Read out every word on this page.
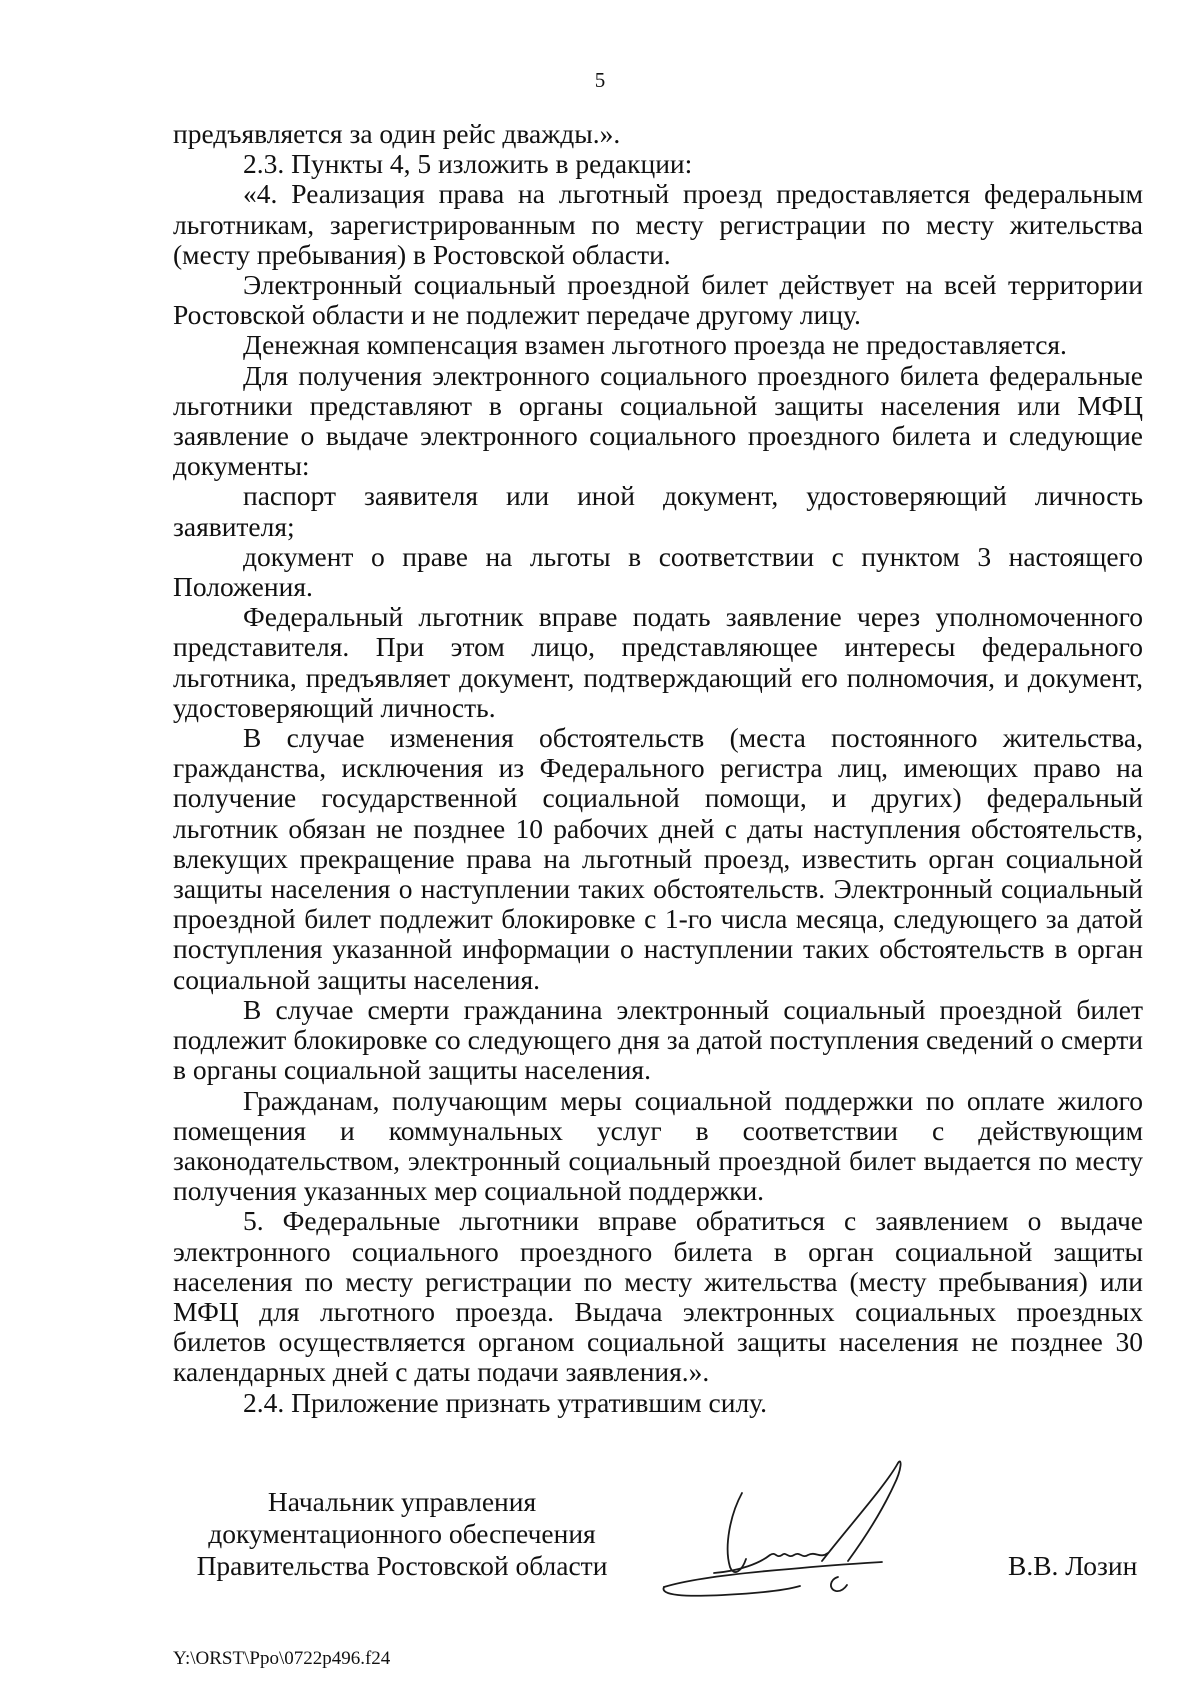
5

предъявляется за один рейс дважды.».

2.3. Пункты 4, 5 изложить в редакции:

«4. Реализация права на льготный проезд предоставляется федеральным льготникам, зарегистрированным по месту регистрации по месту жительства (месту пребывания) в Ростовской области.

Электронный социальный проездной билет действует на всей территории Ростовской области и не подлежит передаче другому лицу.

Денежная компенсация взамен льготного проезда не предоставляется.

Для получения электронного социального проездного билета федеральные льготники представляют в органы социальной защиты населения или МФЦ заявление о выдаче электронного социального проездного билета и следующие документы:

паспорт заявителя или иной документ, удостоверяющий личность заявителя;

документ о праве на льготы в соответствии с пунктом 3 настоящего Положения.

Федеральный льготник вправе подать заявление через уполномоченного представителя. При этом лицо, представляющее интересы федерального льготника, предъявляет документ, подтверждающий его полномочия, и документ, удостоверяющий личность.

В случае изменения обстоятельств (места постоянного жительства, гражданства, исключения из Федерального регистра лиц, имеющих право на получение государственной социальной помощи, и других) федеральный льготник обязан не позднее 10 рабочих дней с даты наступления обстоятельств, влекущих прекращение права на льготный проезд, известить орган социальной защиты населения о наступлении таких обстоятельств. Электронный социальный проездной билет подлежит блокировке с 1-го числа месяца, следующего за датой поступления указанной информации о наступлении таких обстоятельств в орган социальной защиты населения.

В случае смерти гражданина электронный социальный проездной билет подлежит блокировке со следующего дня за датой поступления сведений о смерти в органы социальной защиты населения.

Гражданам, получающим меры социальной поддержки по оплате жилого помещения и коммунальных услуг в соответствии с действующим законодательством, электронный социальный проездной билет выдается по месту получения указанных мер социальной поддержки.

5. Федеральные льготники вправе обратиться с заявлением о выдаче электронного социального проездного билета в орган социальной защиты населения по месту регистрации по месту жительства (месту пребывания) или МФЦ для льготного проезда. Выдача электронных социальных проездных билетов осуществляется органом социальной защиты населения не позднее 30 календарных дней с даты подачи заявления.».

2.4. Приложение признать утратившим силу.

Начальник управления
документационного обеспечения
Правительства Ростовской области	В.В. Лозин
Y:\ORST\Ppo\0722p496.f24
